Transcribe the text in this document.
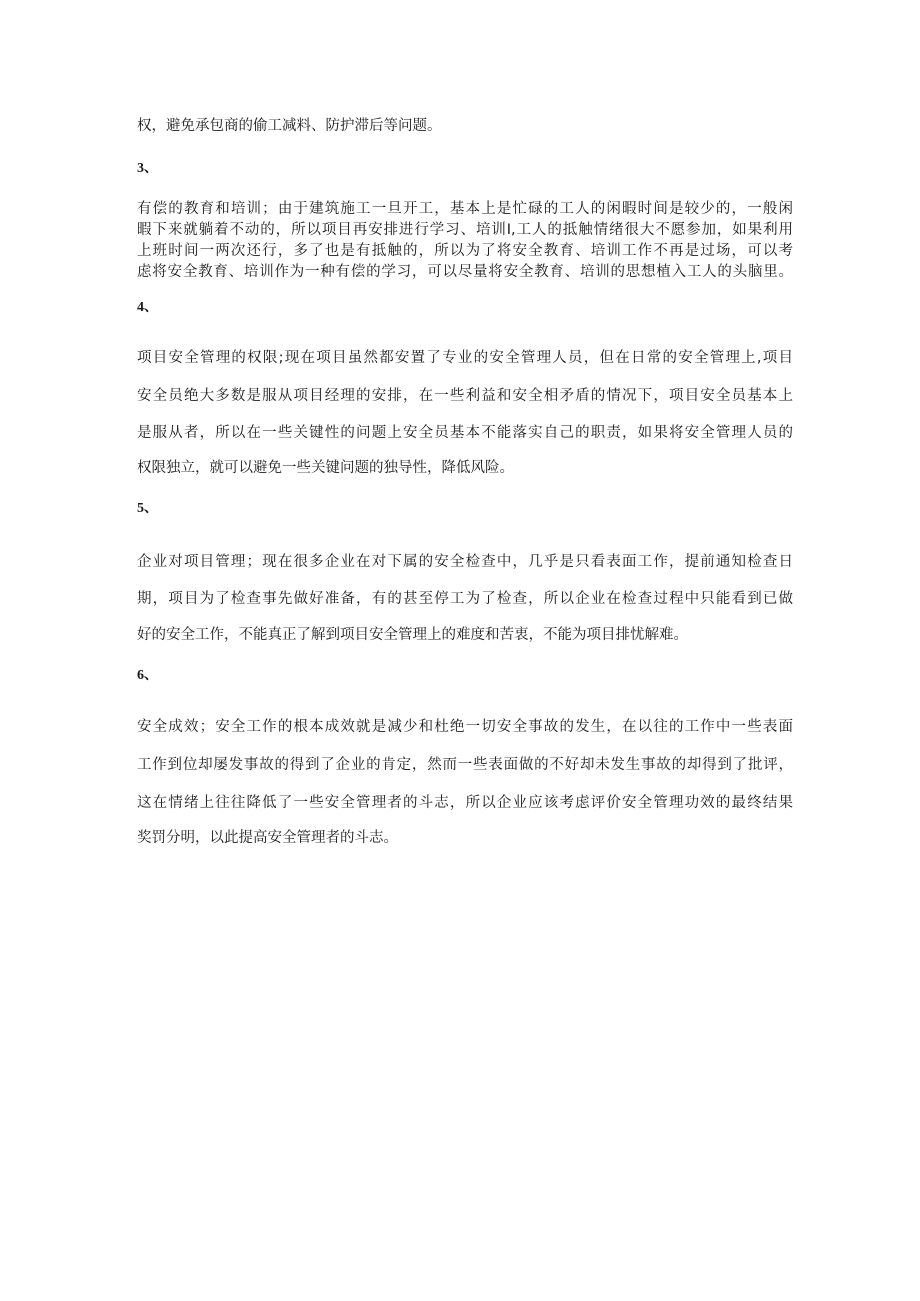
权，避免承包商的偷工减料、防护滞后等问题。
3、
有偿的教育和培训；由于建筑施工一旦开工，基本上是忙碌的工人的闲暇时间是较少的，一般闲
暇下来就躺着不动的，所以项目再安排进行学习、培训I,工人的抵触情绪很大不愿参加，如果利用
上班时间一两次还行，多了也是有抵触的，所以为了将安全教育、培训工作不再是过场，可以考
虑将安全教育、培训作为一种有偿的学习，可以尽量将安全教育、培训的思想植入工人的头脑里。
4、
项目安全管理的权限;现在项目虽然都安置了专业的安全管理人员，但在日常的安全管理上,项目
安全员绝大多数是服从项目经理的安排，在一些利益和安全相矛盾的情况下，项目安全员基本上
是服从者，所以在一些关键性的问题上安全员基本不能落实自己的职责，如果将安全管理人员的
权限独立，就可以避免一些关键问题的独导性，降低风险。
5、
企业对项目管理；现在很多企业在对下属的安全检查中，几乎是只看表面工作，提前通知检查日
期，项目为了检查事先做好准备，有的甚至停工为了检查，所以企业在检查过程中只能看到已做
好的安全工作，不能真正了解到项目安全管理上的难度和苦衷，不能为项目排忧解难。
6、
安全成效；安全工作的根本成效就是减少和杜绝一切安全事故的发生，在以往的工作中一些表面
工作到位却屡发事故的得到了企业的肯定，然而一些表面做的不好却未发生事故的却得到了批评，
这在情绪上往往降低了一些安全管理者的斗志，所以企业应该考虑评价安全管理功效的最终结果
奖罚分明，以此提高安全管理者的斗志。
